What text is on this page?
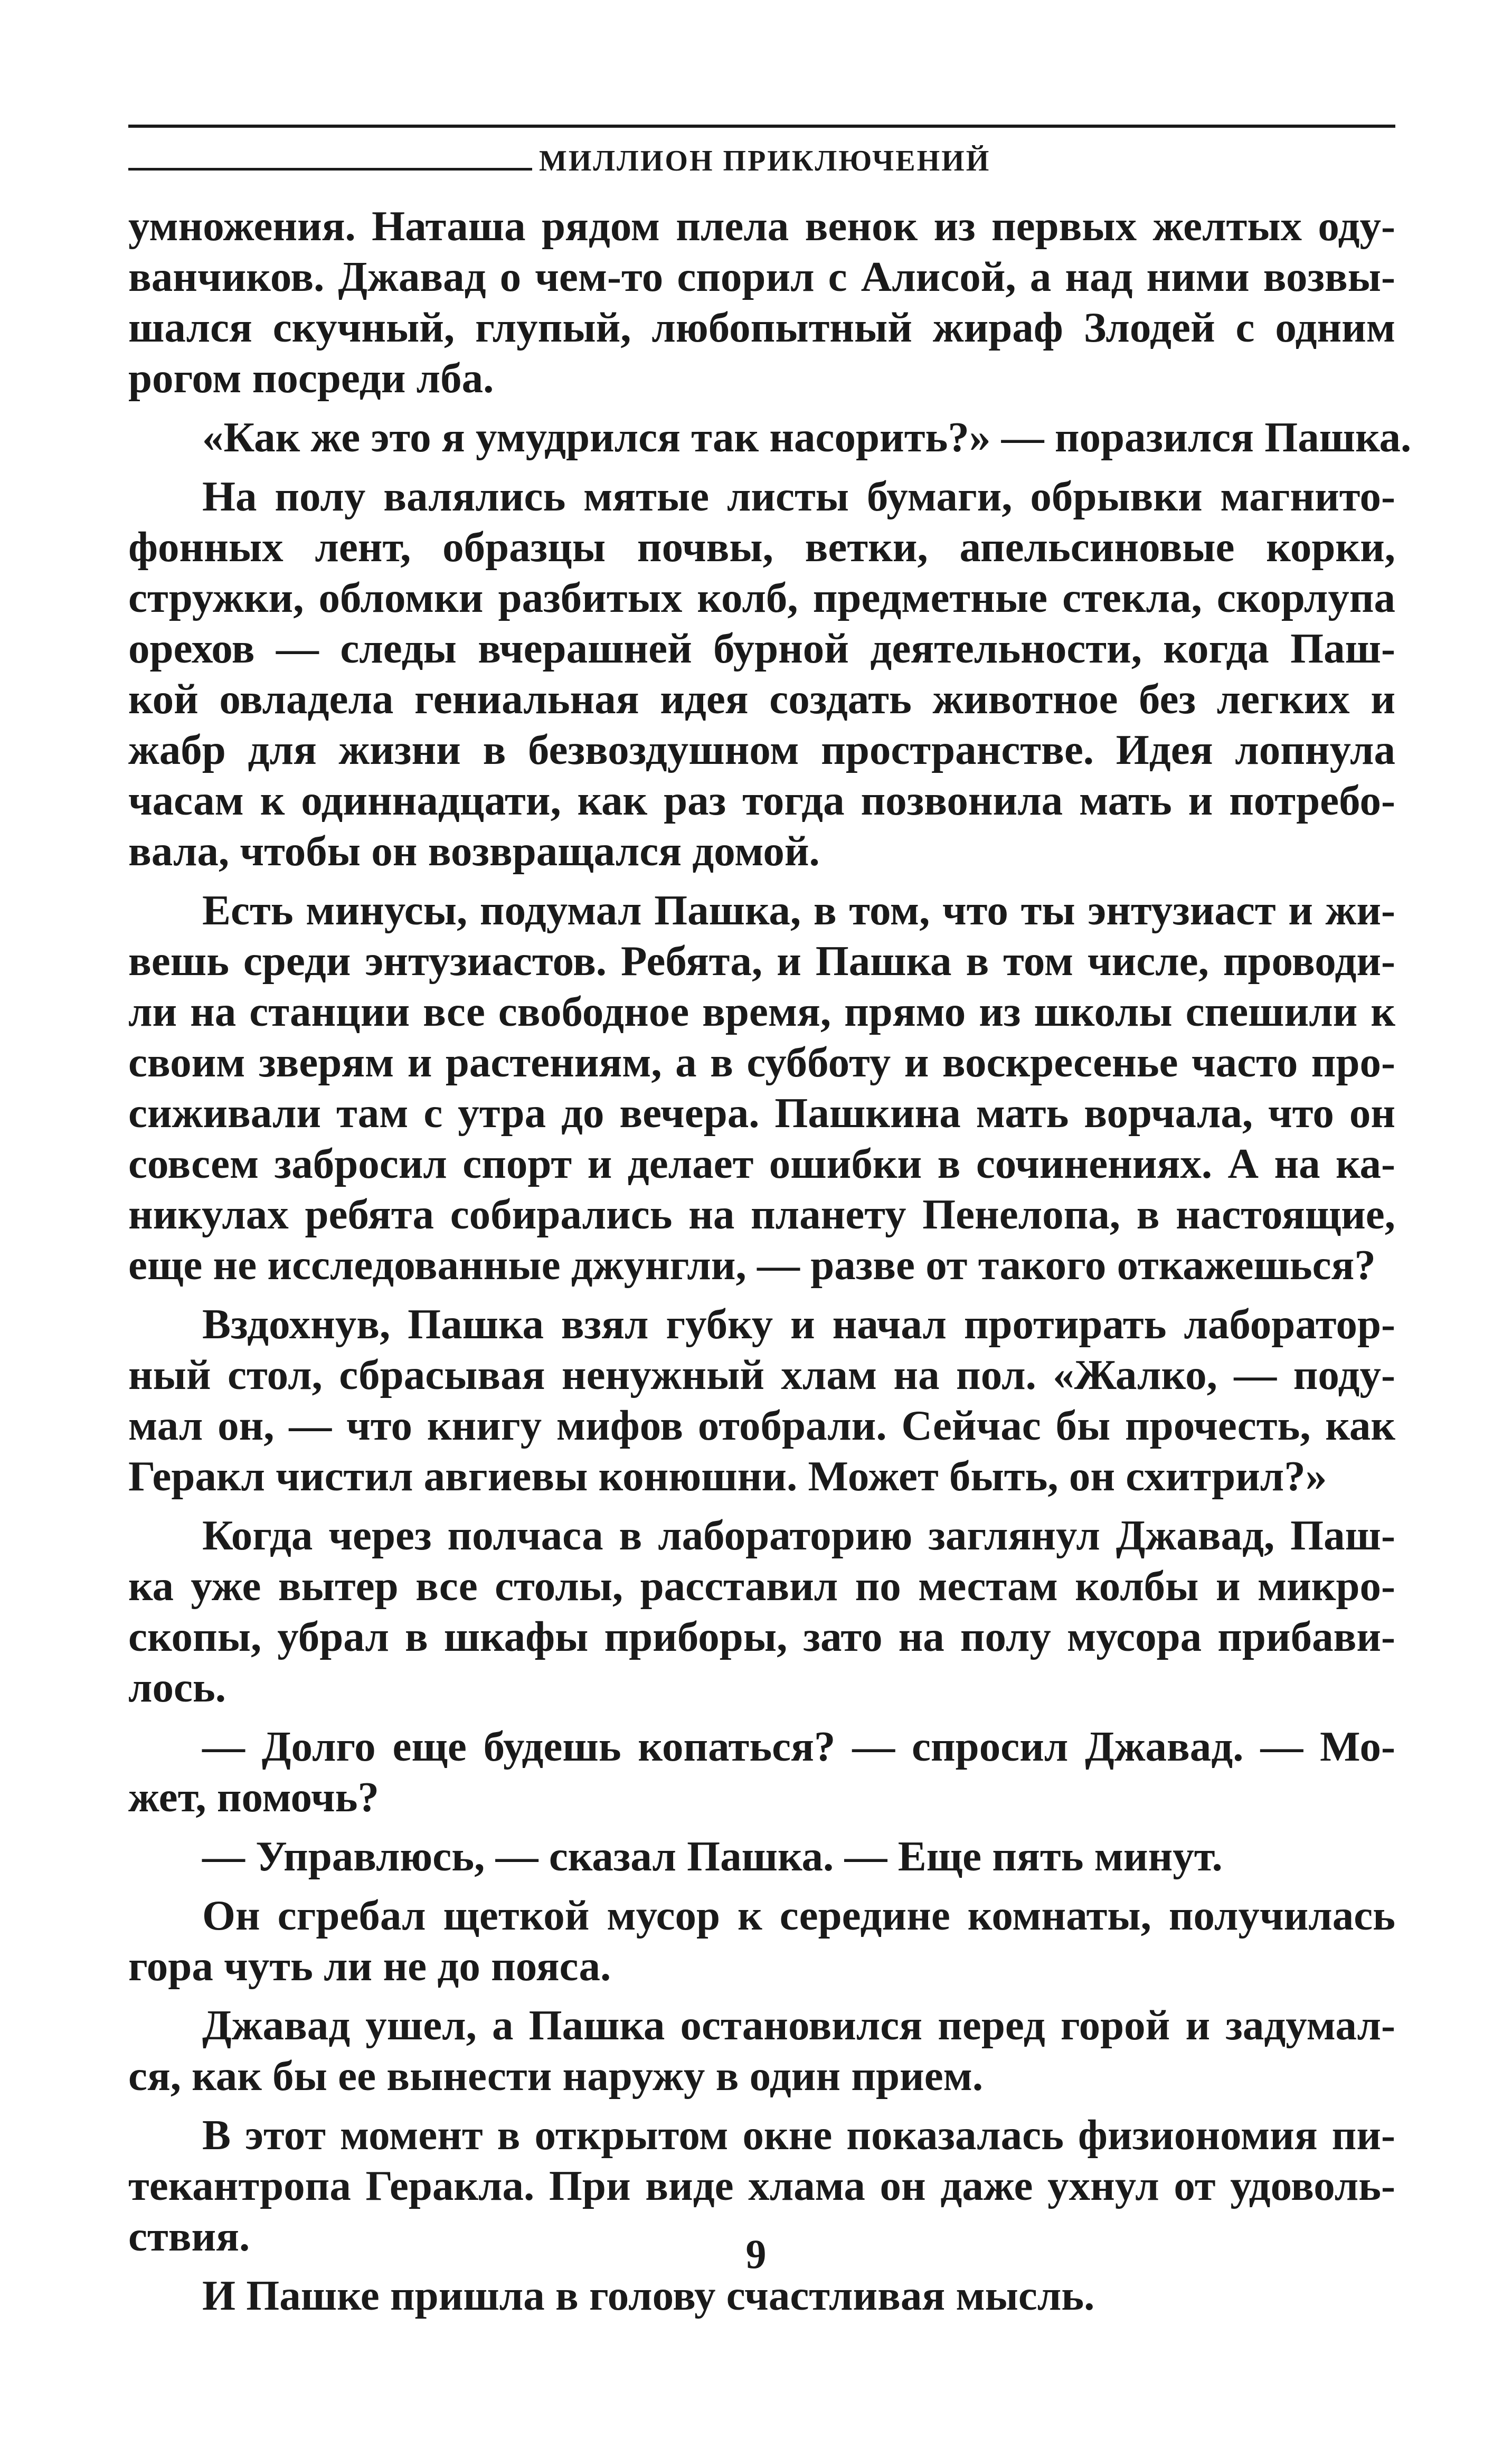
МИЛЛИОН ПРИКЛЮЧЕНИЙ
умножения. Наташа рядом плела венок из первых желтых оду-
ванчиков. Джавад о чем-то спорил с Алисой, а над ними возвы-
шался скучный, глупый, любопытный жираф Злодей с одним
рогом посреди лба.
«Как же это я умудрился так насорить?» — поразился Пашка.
На полу валялись мятые листы бумаги, обрывки магнито-
фонных лент, образцы почвы, ветки, апельсиновые корки,
стружки, обломки разбитых колб, предметные стекла, скорлупа
орехов — следы вчерашней бурной деятельности, когда Паш-
кой овладела гениальная идея создать животное без легких и
жабр для жизни в безвоздушном пространстве. Идея лопнула
часам к одиннадцати, как раз тогда позвонила мать и потребо-
вала, чтобы он возвращался домой.
Есть минусы, подумал Пашка, в том, что ты энтузиаст и жи-
вешь среди энтузиастов. Ребята, и Пашка в том числе, проводи-
ли на станции все свободное время, прямо из школы спешили к
своим зверям и растениям, а в субботу и воскресенье часто про-
сиживали там с утра до вечера. Пашкина мать ворчала, что он
совсем забросил спорт и делает ошибки в сочинениях. А на ка-
никулах ребята собирались на планету Пенелопа, в настоящие,
еще не исследованные джунгли, — разве от такого откажешься?
Вздохнув, Пашка взял губку и начал протирать лаборатор-
ный стол, сбрасывая ненужный хлам на пол. «Жалко, — поду-
мал он, — что книгу мифов отобрали. Сейчас бы прочесть, как
Геракл чистил авгиевы конюшни. Может быть, он схитрил?»
Когда через полчаса в лабораторию заглянул Джавад, Паш-
ка уже вытер все столы, расставил по местам колбы и микро-
скопы, убрал в шкафы приборы, зато на полу мусора прибави-
лось.
— Долго еще будешь копаться? — спросил Джавад. — Мо-
жет, помочь?
— Управлюсь, — сказал Пашка. — Еще пять минут.
Он сгребал щеткой мусор к середине комнаты, получилась
гора чуть ли не до пояса.
Джавад ушел, а Пашка остановился перед горой и задумал-
ся, как бы ее вынести наружу в один прием.
В этот момент в открытом окне показалась физиономия пи-
текантропа Геракла. При виде хлама он даже ухнул от удоволь-
ствия.
И Пашке пришла в голову счастливая мысль.
9
